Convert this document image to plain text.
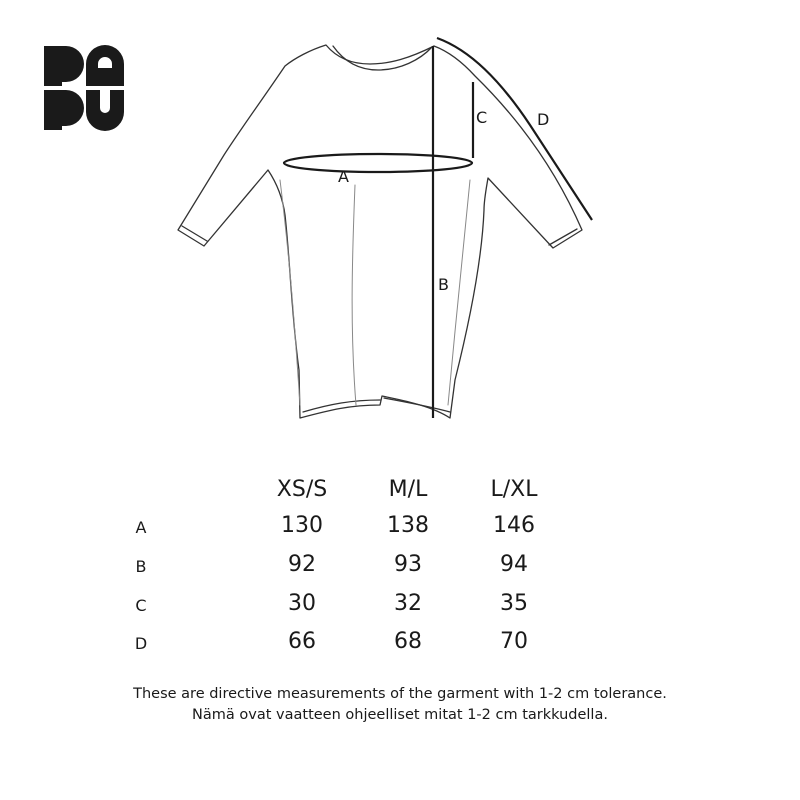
A
B
C	D
XS/S	M/L	L/XL
A	130	138	146
B	92	93	94
C	30	32	35
D	66	68	70
These are directive measurements of the garment with 1-2 cm tolerance.
Nämä ovat vaatteen ohjeelliset mitat 1-2 cm tarkkudella.
